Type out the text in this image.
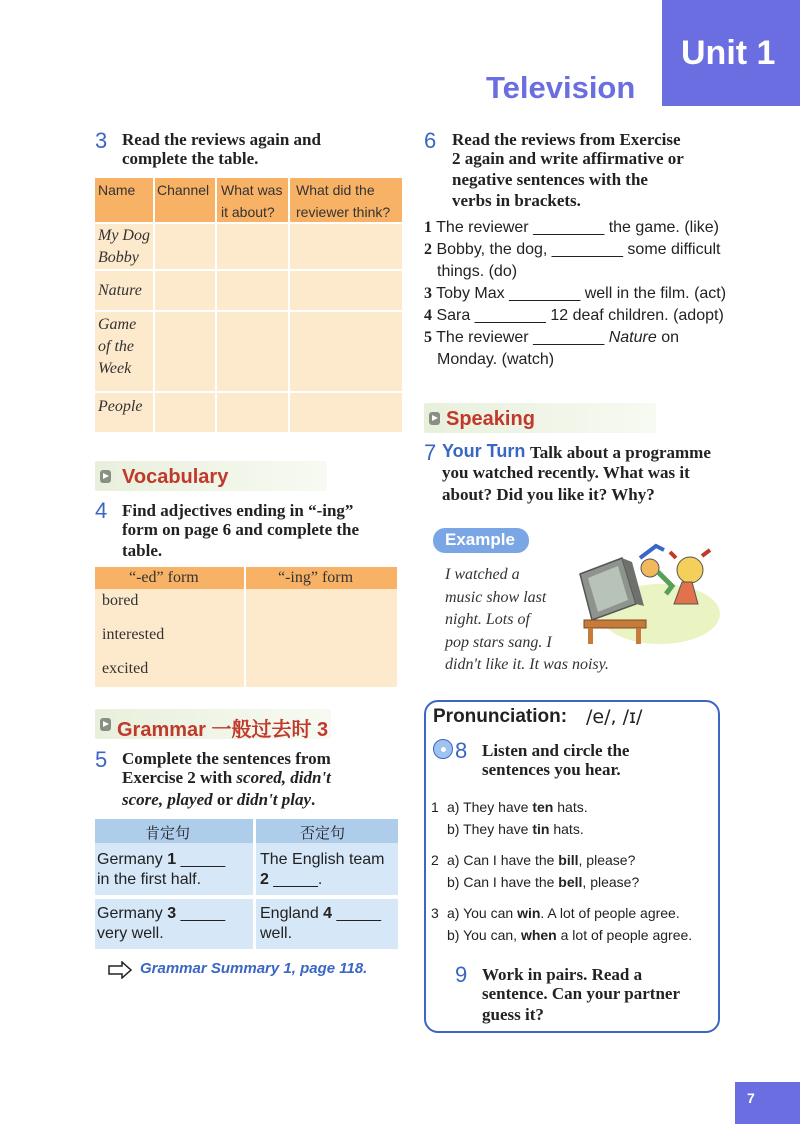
Unit 1
Television
3 Read the reviews again and
complete the table.
Name Channel What was
it about?
What did the
reviewer think?
My Dog
Bobby
Nature
Game
of the
Week
People
Vocabulary
4 Find adjectives ending in “-ing”
form on page 6 and complete the
table.
“-ed” form	“-ing” form
bored
interested
excited
Grammar 一般过去时 3
5 Complete the sentences from
Exercise 2 with scored, didn't
score, played or didn't play.
肯定句	否定句
Germany 1 _____
in the first half.
The English team
2 _____.
Germany 3 _____
very well.
England 4 _____
well.
Grammar Summary 1, page 118.
6 Read the reviews from Exercise
2 again and write affirmative or
negative sentences with the
verbs in brackets.
1 The reviewer ________ the game. (like)
2 Bobby, the dog, ________ some difficult
things. (do)
3 Toby Max ________ well in the film. (act)
4 Sara ________ 12 deaf children. (adopt)
5 The reviewer ________ Nature on
Monday. (watch)
Speaking
7 Your Turn Talk about a programme
you watched recently. What was it
about? Did you like it? Why?
Example
I watched a
music show last
night. Lots of
pop stars sang. I
didn't like it. It was noisy.
Pronunciation: /e/, /ɪ/
8 Listen and circle the
sentences you hear.
1 a) They have ten hats.
b) They have tin hats.
2 a) Can I have the bill, please?
b) Can I have the bell, please?
3 a) You can win. A lot of people agree.
b) You can, when a lot of people agree.
9 Work in pairs. Read a
sentence. Can your partner
guess it?
7
